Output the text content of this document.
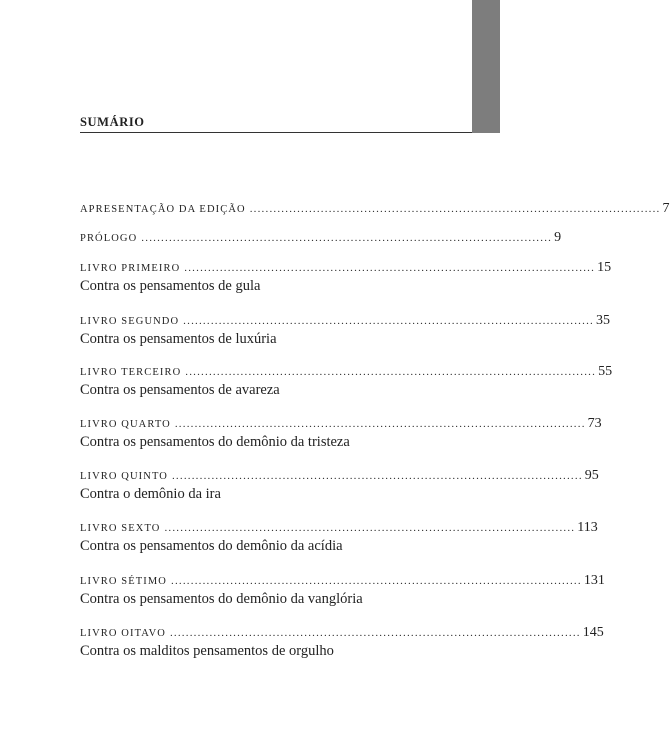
SUMÁRIO
APRESENTAÇÃO DA EDIÇÃO ........................................................................................................ 7
PRÓLOGO ........................................................................................................ 9
LIVRO PRIMEIRO ........................................................................................................ 15
Contra os pensamentos de gula
LIVRO SEGUNDO ........................................................................................................ 35
Contra os pensamentos de luxúria
LIVRO TERCEIRO ........................................................................................................ 55
Contra os pensamentos de avareza
LIVRO QUARTO ........................................................................................................ 73
Contra os pensamentos do demônio da tristeza
LIVRO QUINTO ........................................................................................................ 95
Contra o demônio da ira
LIVRO SEXTO ........................................................................................................ 113
Contra os pensamentos do demônio da acídia
LIVRO SÉTIMO ........................................................................................................ 131
Contra os pensamentos do demônio da vanglória
LIVRO OITAVO ........................................................................................................ 145
Contra os malditos pensamentos de orgulho
